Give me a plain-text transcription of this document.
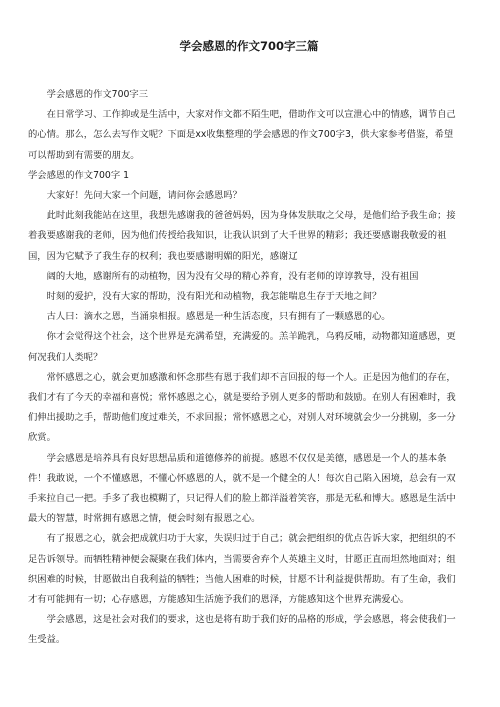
学会感恩的作文700字三篇

学会感恩的作文700字三

在日常学习、工作抑或是生活中，大家对作文都不陌生吧，借助作文可以宣泄心中的情感，调节自己的心情。那么，怎么去写作文呢？下面是xx收集整理的学会感恩的作文700字3，供大家参考借鉴，希望可以帮助到有需要的朋友。

学会感恩的作文700字 1

大家好！先问大家一个问题，请问你会感恩吗？

此时此刻我能站在这里，我想先感谢我的爸爸妈妈，因为身体发肤取之父母，是他们给予我生命；接着我要感谢我的老师，因为他们传授给我知识，让我认识到了大千世界的精彩；我还要感谢我敬爱的祖国，因为它赋予了我生存的权利；我也要感谢明媚的阳光，感谢辽

阔的大地，感谢所有的动植物，因为没有父母的精心养育，没有老师的谆谆教导，没有祖国

时刻的爱护，没有大家的帮助，没有阳光和动植物，我怎能喘息生存于天地之间？

古人曰：滴水之恩，当涌泉相报。感恩是一种生活态度，只有拥有了一颗感恩的心。

你才会觉得这个社会，这个世界是充满希望，充满爱的。羔羊跪乳，乌鸦反哺，动物都知道感恩，更何况我们人类呢？

常怀感恩之心，就会更加感激和怀念那些有恩于我们却不言回报的每一个人。正是因为他们的存在，我们才有了今天的幸福和喜悦；常怀感恩之心，就是要给予别人更多的帮助和鼓励。在别人有困难时，我们伸出援助之手，帮助他们度过难关，不求回报；常怀感恩之心，对别人对环境就会少一分挑剔，多一分欣赏。

学会感恩是培养具有良好思想品质和道德修养的前提。感恩不仅仅是美德，感恩是一个人的基本条件！我敢说，一个不懂感恩，不懂心怀感恩的人，就不是一个健全的人！每次自己陷入困境，总会有一双手来拉自己一把。手多了我也模糊了，只记得人们的脸上都洋溢着笑容，那是无私和博大。感恩是生活中最大的智慧，时常拥有感恩之情，便会时刻有报恩之心。

有了报恩之心，就会把成就归功于大家，失误归过于自己；就会把组织的优点告诉大家，把组织的不足告诉领导。而牺牲精神便会凝聚在我们体内，当需要舍弃个人英雄主义时，甘愿正直而坦然地面对；组织困难的时候，甘愿做出自我利益的牺牲；当他人困难的时候，甘愿不计利益提供帮助。有了生命，我们才有可能拥有一切；心存感恩，方能感知生活施予我们的恩泽，方能感知这个世界充满爱心。

学会感恩，这是社会对我们的要求，这也是将有助于我们好的品格的形成，学会感恩，将会使我们一生受益。
